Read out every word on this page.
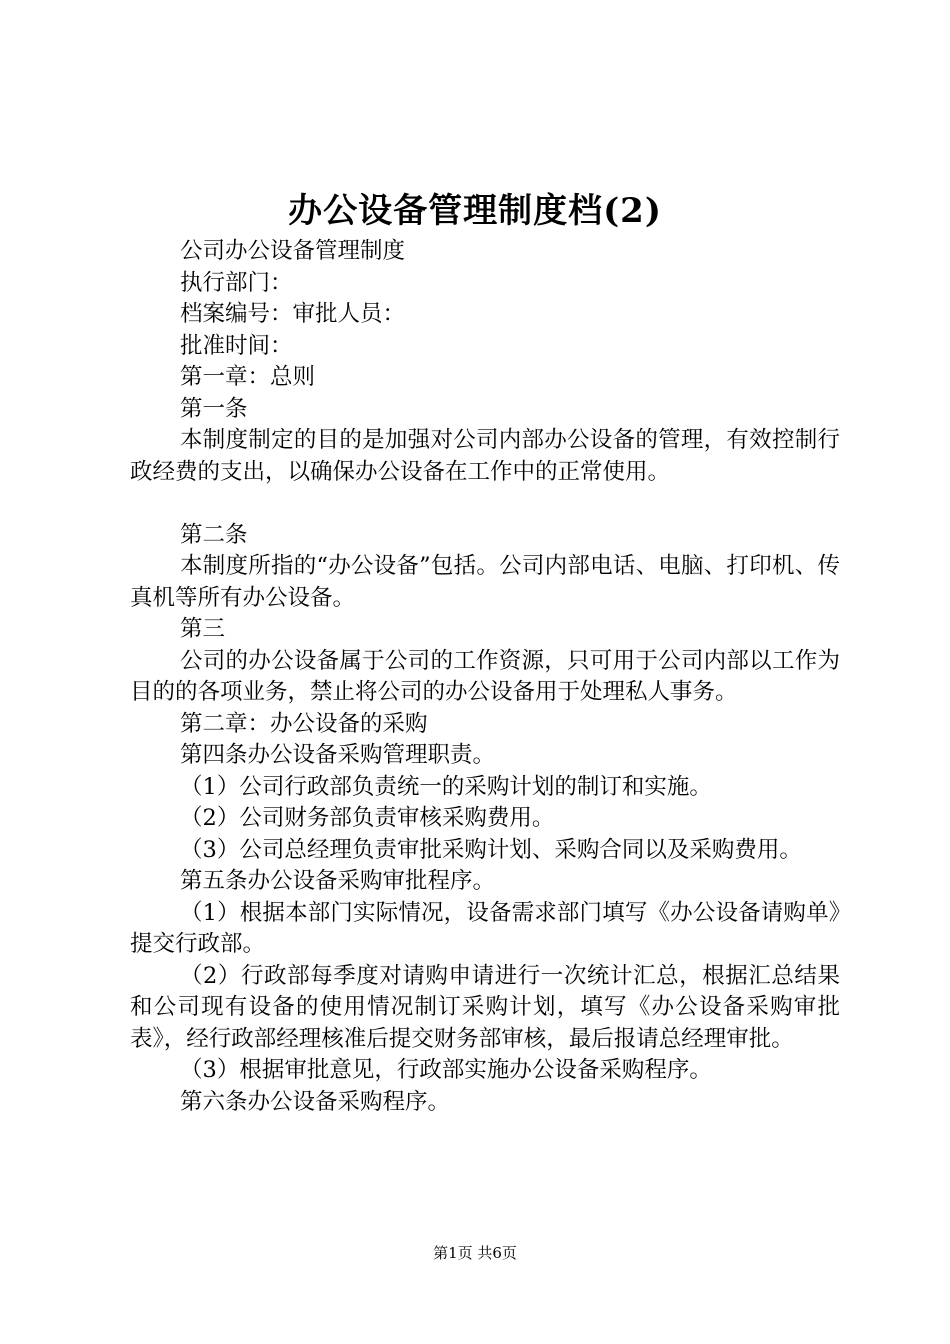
办公设备管理制度档(2)

公司办公设备管理制度

执行部门：

档案编号：审批人员：

批准时间：

第一章：总则

第一条

本制度制定的目的是加强对公司内部办公设备的管理，有效控制行政经费的支出，以确保办公设备在工作中的正常使用。

第二条

本制度所指的“办公设备”包括。公司内部电话、电脑、打印机、传真机等所有办公设备。

第三

公司的办公设备属于公司的工作资源，只可用于公司内部以工作为目的的各项业务，禁止将公司的办公设备用于处理私人事务。

第二章：办公设备的采购

第四条办公设备采购管理职责。

（1）公司行政部负责统一的采购计划的制订和实施。

（2）公司财务部负责审核采购费用。

（3）公司总经理负责审批采购计划、采购合同以及采购费用。

第五条办公设备采购审批程序。

（1）根据本部门实际情况，设备需求部门填写《办公设备请购单》提交行政部。

（2）行政部每季度对请购申请进行一次统计汇总，根据汇总结果和公司现有设备的使用情况制订采购计划，填写《办公设备采购审批表》，经行政部经理核准后提交财务部审核，最后报请总经理审批。

（3）根据审批意见，行政部实施办公设备采购程序。

第六条办公设备采购程序。

第1页 共6页
